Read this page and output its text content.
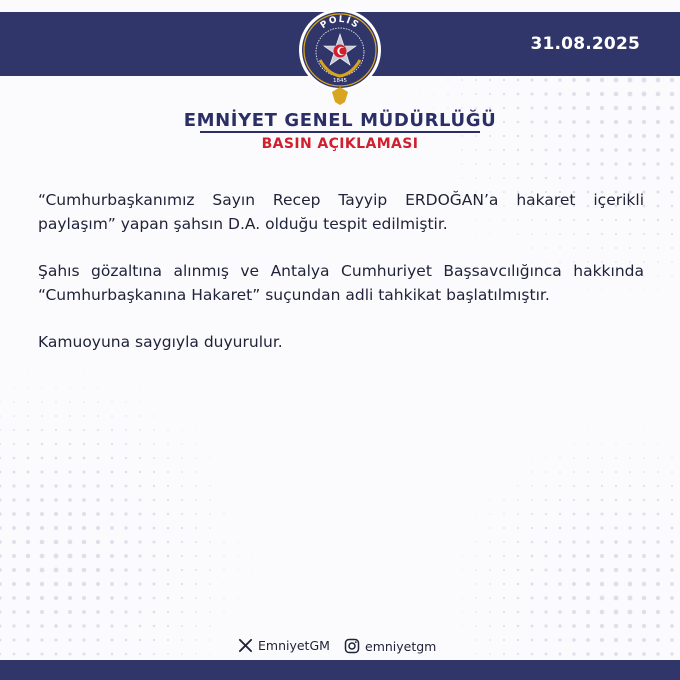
31.08.2025
POLİS
1845
EMNİYET GENEL MÜDÜRLÜĞÜ
BASIN AÇIKLAMASI

“Cumhurbaşkanımız Sayın Recep Tayyip ERDOĞAN’a hakaret içerikli paylaşım” yapan şahsın D.A. olduğu tespit edilmiştir.

Şahıs gözaltına alınmış ve Antalya Cumhuriyet Başsavcılığınca hakkında “Cumhurbaşkanına Hakaret” suçundan adli tahkikat başlatılmıştır.

Kamuoyuna saygıyla duyurulur.

EmniyetGM	emniyetgm
